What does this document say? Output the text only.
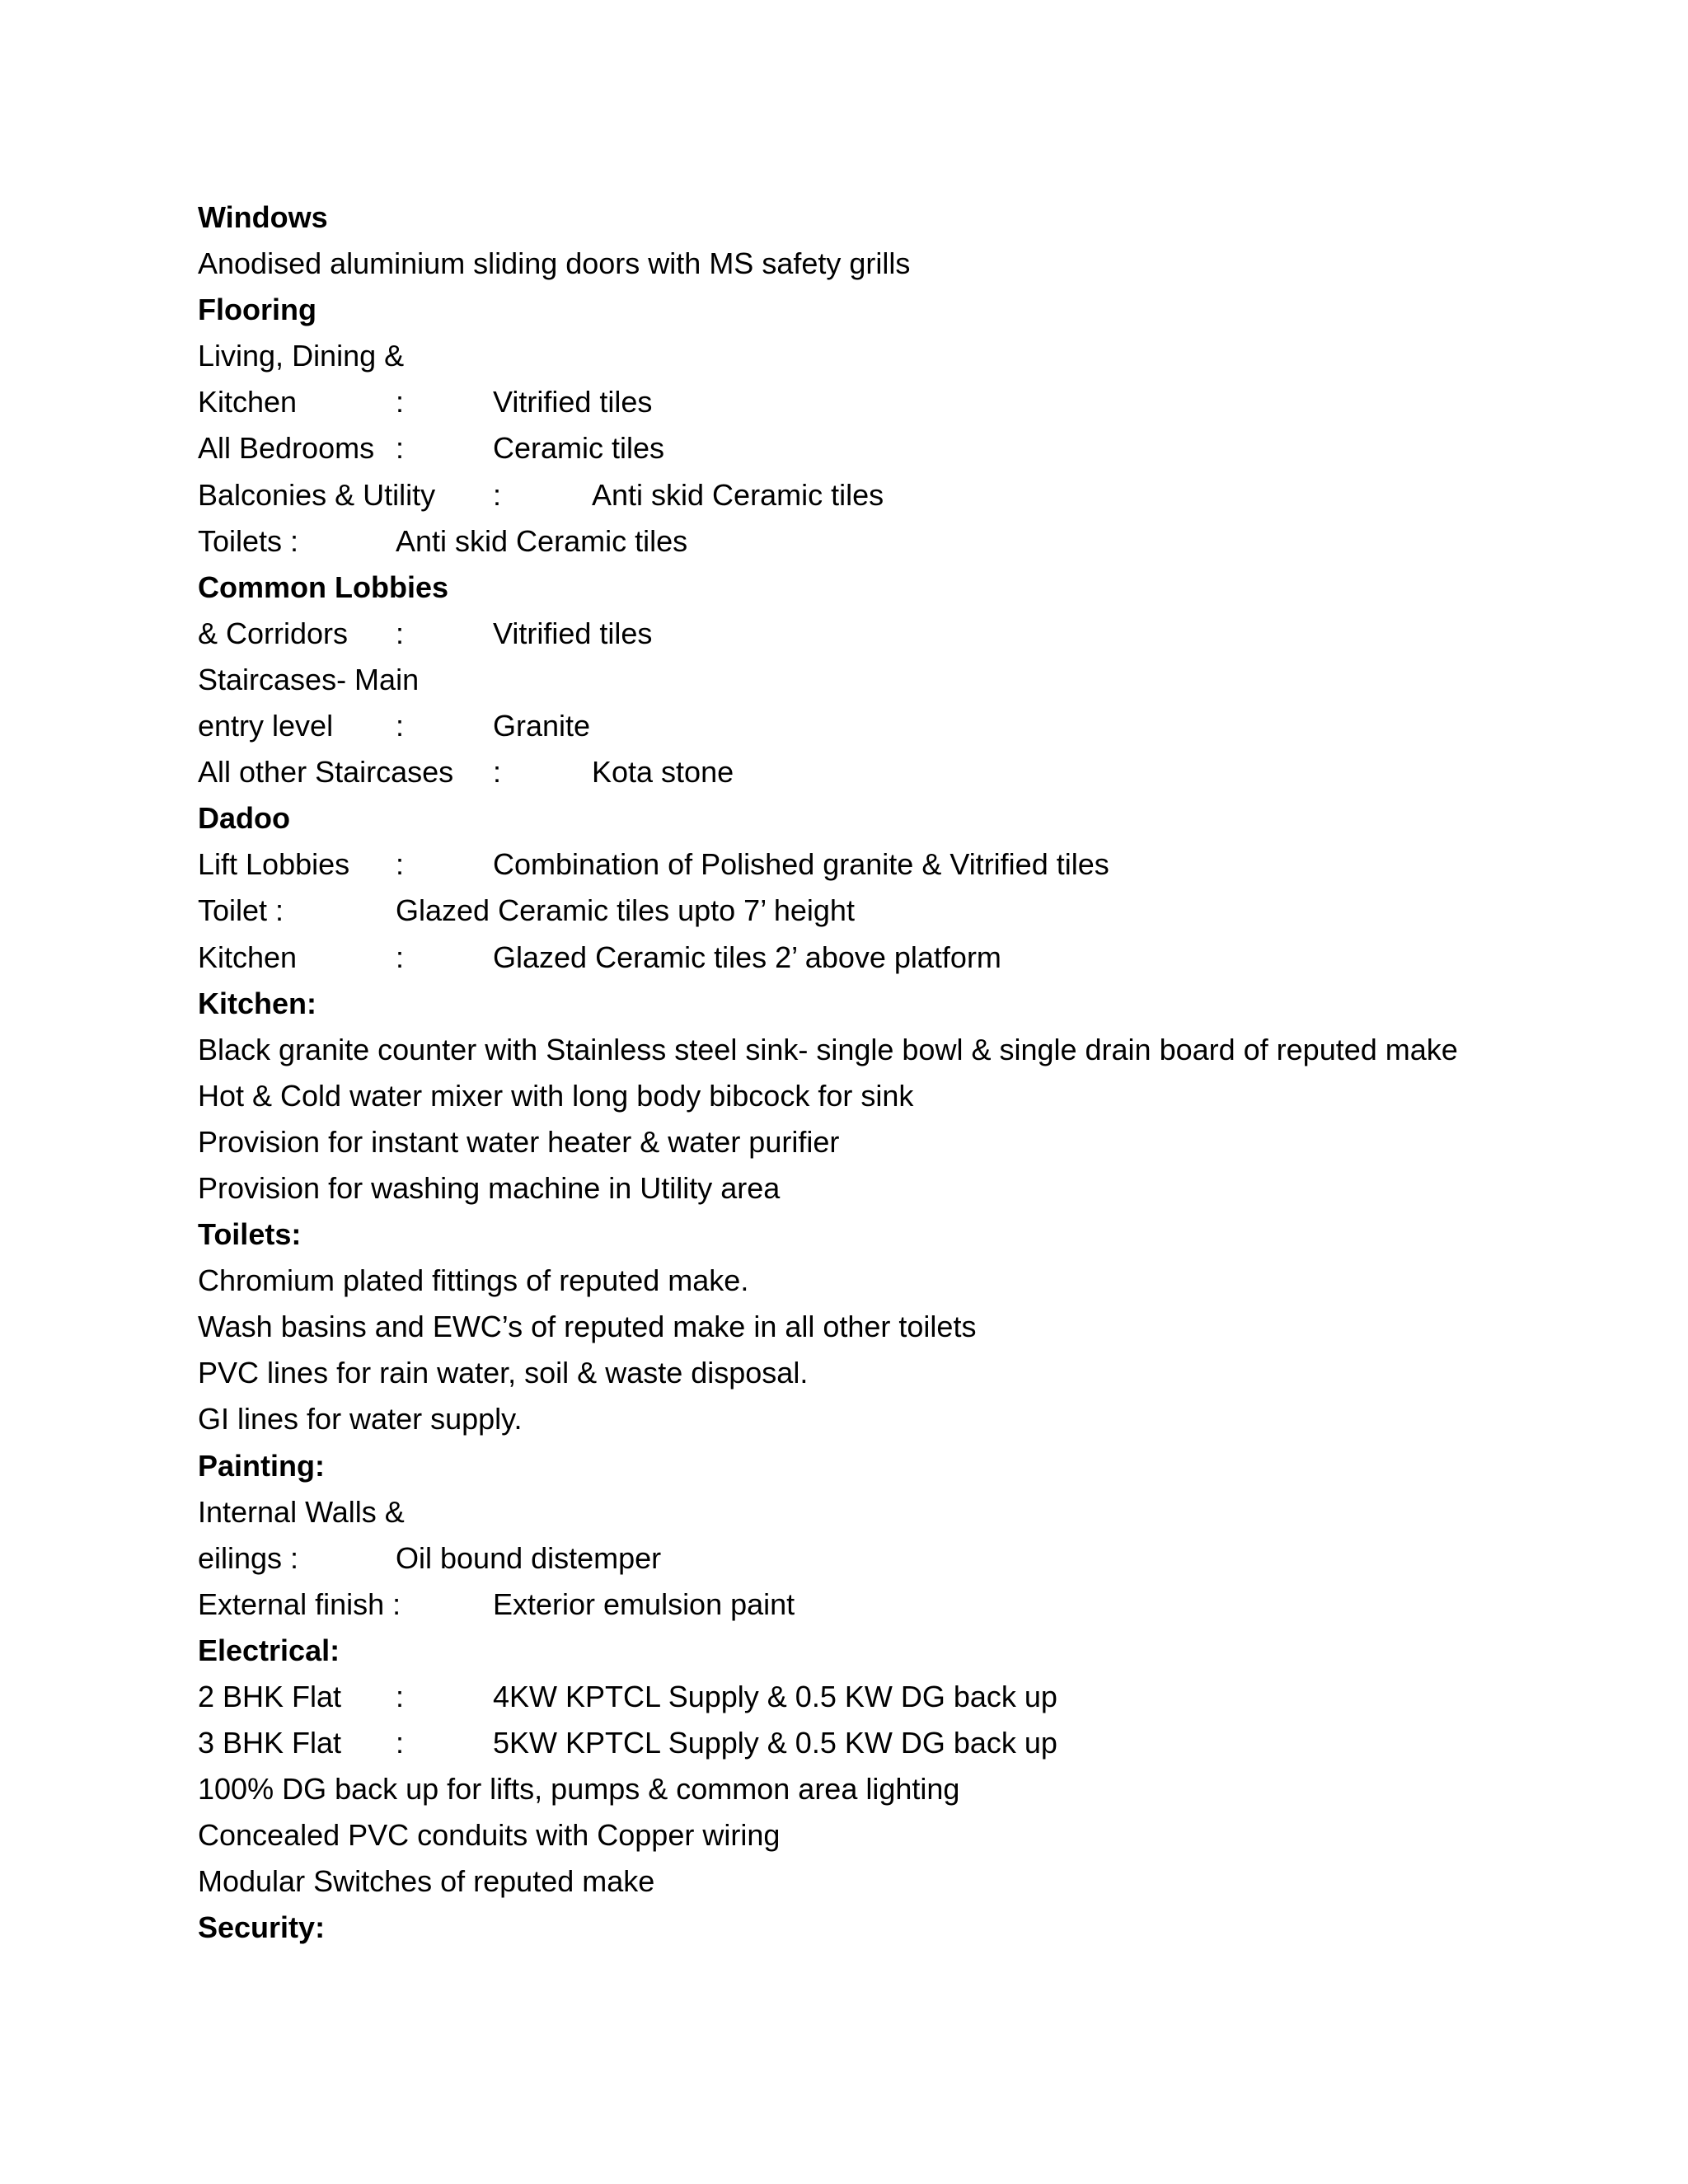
Windows
Anodised aluminium sliding doors with MS safety grills
Flooring
Living, Dining &
Kitchen	:	Vitrified tiles
All Bedrooms :	Ceramic tiles
Balconies & Utility :	Anti skid Ceramic tiles
Toilets :	Anti skid Ceramic tiles
Common Lobbies
& Corridors :	Vitrified tiles
Staircases- Main
entry level :	Granite
All other Staircases :	Kota stone
Dadoo
Lift Lobbies :	Combination of Polished granite & Vitrified tiles
Toilet :	Glazed Ceramic tiles upto 7’ height
Kitchen	:	Glazed Ceramic tiles 2’ above platform
Kitchen:
Black granite counter with Stainless steel sink- single bowl & single drain board of reputed make
Hot & Cold water mixer with long body bibcock for sink
Provision for instant water heater & water purifier
Provision for washing machine in Utility area
Toilets:
Chromium plated fittings of reputed make.
Wash basins and EWC’s of reputed make in all other toilets
PVC lines for rain water, soil & waste disposal.
GI lines for water supply.
Painting:
Internal Walls &
eilings :	Oil bound distemper
External finish :	Exterior emulsion paint
Electrical:
2 BHK Flat :	4KW KPTCL Supply & 0.5 KW DG back up
3 BHK Flat :	5KW KPTCL Supply & 0.5 KW DG back up
100% DG back up for lifts, pumps & common area lighting
Concealed PVC conduits with Copper wiring
Modular Switches of reputed make
Security:
